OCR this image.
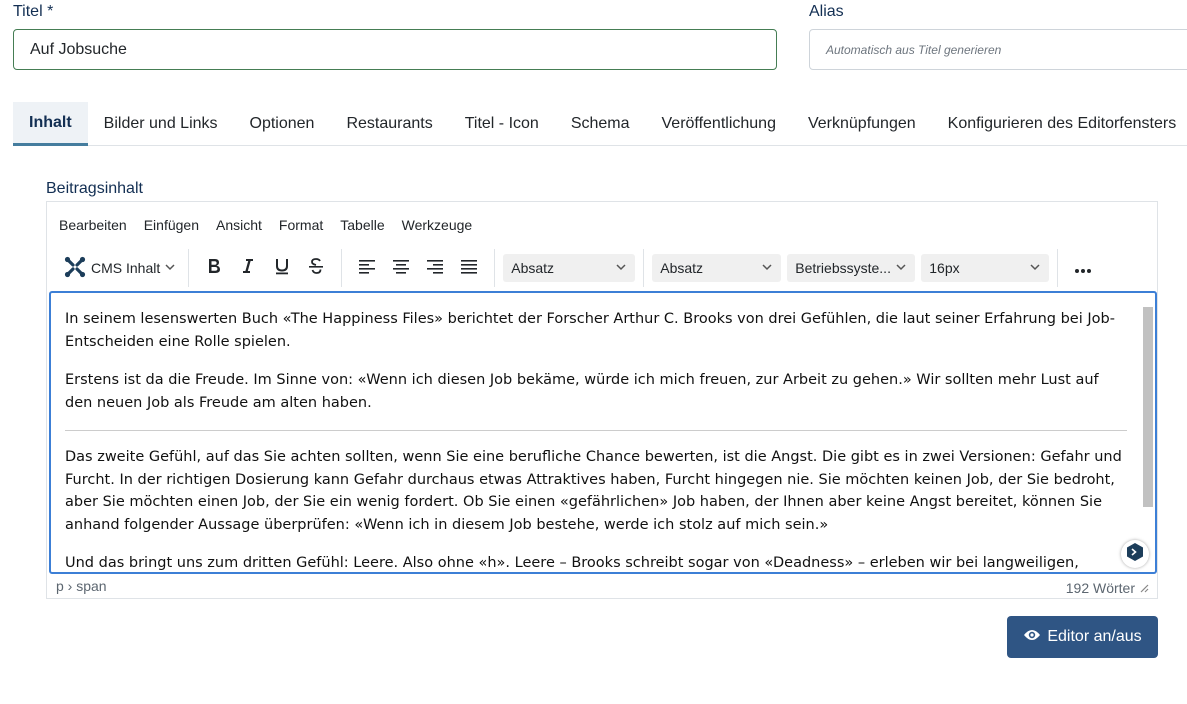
Titel *
Auf Jobsuche
Alias
Automatisch aus Titel generieren
Inhalt	Bilder und Links	Optionen	Restaurants	Titel - Icon	Schema	Veröffentlichung	Verknüpfungen	Konfigurieren des Editorfensters
Beitragsinhalt
Bearbeiten Einfügen Ansicht Format Tabelle Werkzeuge
CMS Inhalt	Absatz	Absatz	Betriebssyste...	16px

In seinem lesenswerten Buch «The Happiness Files» berichtet der Forscher Arthur C. Brooks von drei Gefühlen, die laut seiner Erfahrung bei Job-Entscheiden eine Rolle spielen.

Erstens ist da die Freude. Im Sinne von: «Wenn ich diesen Job bekäme, würde ich mich freuen, zur Arbeit zu gehen.» Wir sollten mehr Lust auf den neuen Job als Freude am alten haben.

Das zweite Gefühl, auf das Sie achten sollten, wenn Sie eine berufliche Chance bewerten, ist die Angst. Die gibt es in zwei Versionen: Gefahr und Furcht. In der richtigen Dosierung kann Gefahr durchaus etwas Attraktives haben, Furcht hingegen nie. Sie möchten keinen Job, der Sie bedroht, aber Sie möchten einen Job, der Sie ein wenig fordert. Ob Sie einen «gefährlichen» Job haben, der Ihnen aber keine Angst bereitet, können Sie anhand folgender Aussage überprüfen: «Wenn ich in diesem Job bestehe, werde ich stolz auf mich sein.»

Und das bringt uns zum dritten Gefühl: Leere. Also ohne «h». Leere – Brooks schreibt sogar von «Deadness» – erleben wir bei langweiligen,

p › span	192 Wörter
Editor an/aus
